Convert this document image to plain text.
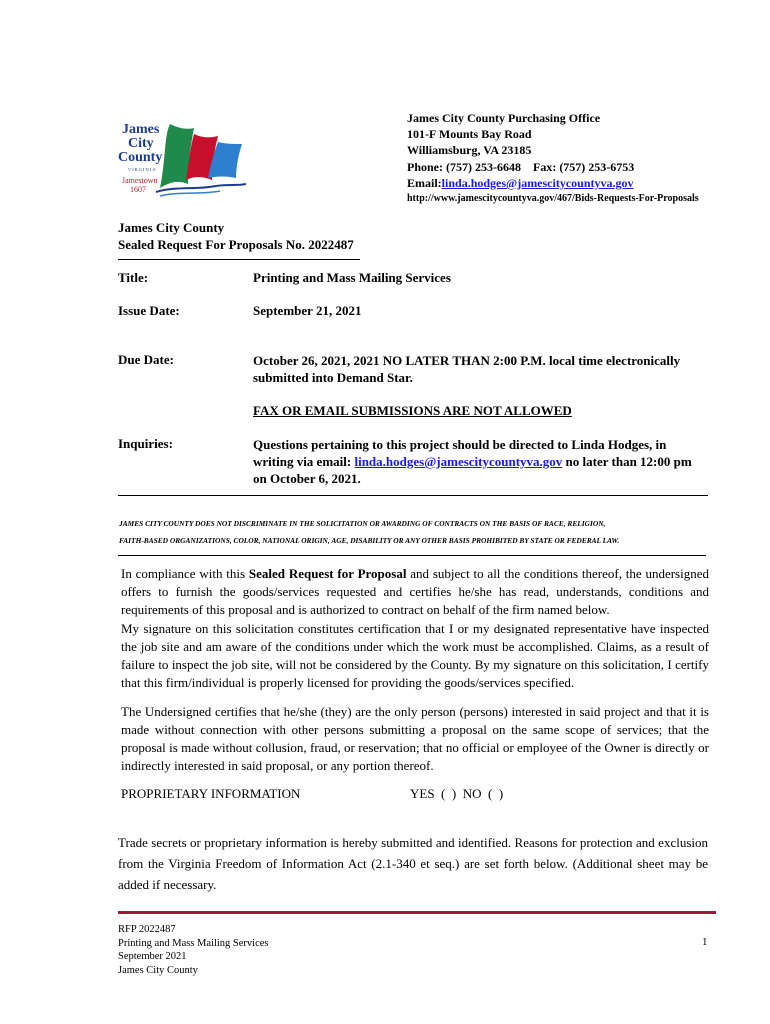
James
City
County
VIRGINIA
Jamestown
1607
James City County Purchasing Office
101-F Mounts Bay Road
Williamsburg, VA 23185
Phone: (757) 253-6648    Fax: (757) 253-6753
Email:linda.hodges@jamescitycountyva.gov
http://www.jamescitycountyva.gov/467/Bids-Requests-For-Proposals
James City County
Sealed Request For Proposals No. 2022487
Title:	Printing and Mass Mailing Services
Issue Date:	September 21, 2021
Due Date:	October 26, 2021, 2021 NO LATER THAN 2:00 P.M. local time electronically
submitted into Demand Star.
FAX OR EMAIL SUBMISSIONS ARE NOT ALLOWED
Inquiries:	Questions pertaining to this project should be directed to Linda Hodges, in
writing via email: linda.hodges@jamescitycountyva.gov no later than 12:00 pm
on October 6, 2021.
JAMES CITY COUNTY DOES NOT DISCRIMINATE IN THE SOLICITATION OR AWARDING OF CONTRACTS ON THE BASIS OF RACE, RELIGION,
FAITH-BASED ORGANIZATIONS, COLOR, NATIONAL ORIGIN, AGE, DISABILITY OR ANY OTHER BASIS PROHIBITED BY STATE OR FEDERAL LAW.
In compliance with this Sealed Request for Proposal and subject to all the conditions thereof, the undersigned offers to furnish the goods/services requested and certifies he/she has read, understands, conditions and requirements of this proposal and is authorized to contract on behalf of the firm named below.
My signature on this solicitation constitutes certification that I or my designated representative have inspected the job site and am aware of the conditions under which the work must be accomplished. Claims, as a result of failure to inspect the job site, will not be considered by the County. By my signature on this solicitation, I certify that this firm/individual is properly licensed for providing the goods/services specified.
The Undersigned certifies that he/she (they) are the only person (persons) interested in said project and that it is made without connection with other persons submitting a proposal on the same scope of services; that the proposal is made without collusion, fraud, or reservation; that no official or employee of the Owner is directly or indirectly interested in said proposal, or any portion thereof.
PROPRIETARY INFORMATION	YES  (  )  NO  (  )
Trade secrets or proprietary information is hereby submitted and identified. Reasons for protection and exclusion from the Virginia Freedom of Information Act (2.1-340 et seq.) are set forth below. (Additional sheet may be added if necessary.
RFP 2022487
Printing and Mass Mailing Services
September 2021
James City County
1
